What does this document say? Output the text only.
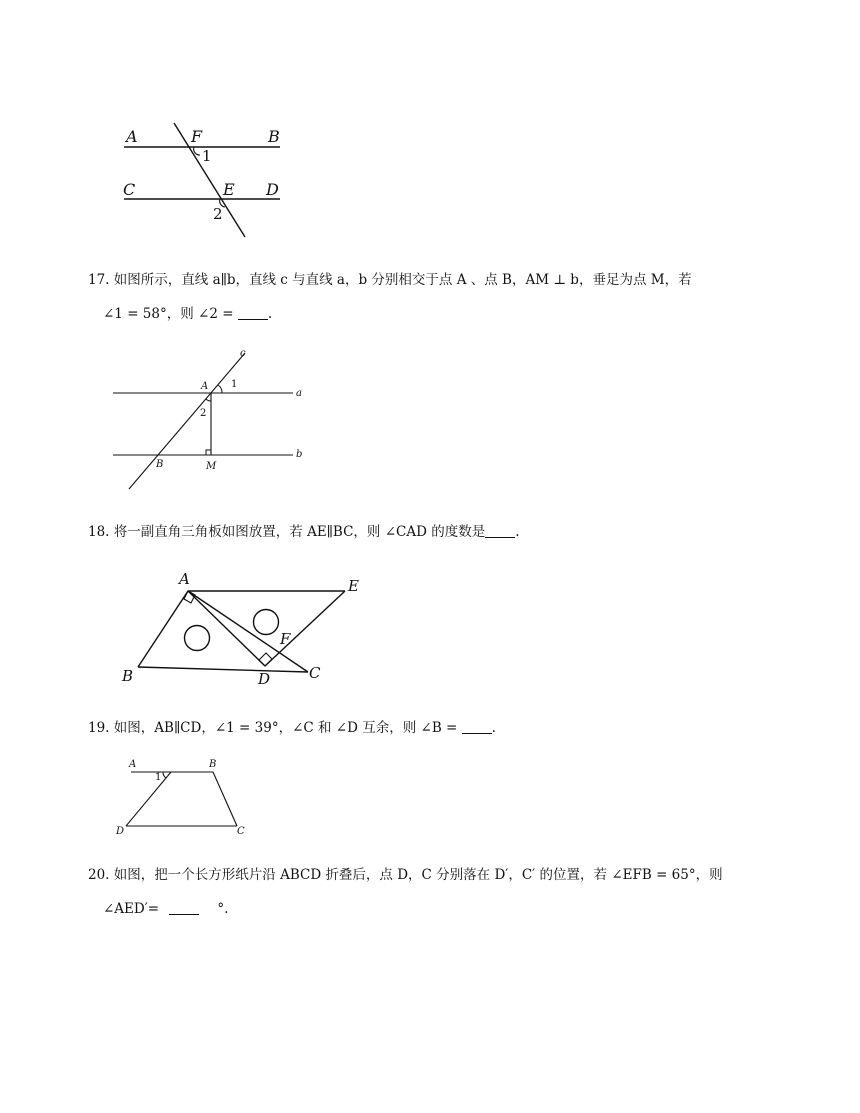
A	F	B
1
C	E D
2
17. 如图所示，直线 a∥b，直线 c 与直线 a，b 分别相交于点 A 、点 B，AM ⊥ b，垂足为点 M，若
∠1 = 58°，则 ∠2 =	.
c
A 1
a
2
B	M
b
18. 将一副直角三角板如图放置，若 AE∥BC，则 ∠CAD 的度数是 .
A	E
F
B	D	C
19. 如图，AB∥CD，∠1 = 39°，∠C 和 ∠D 互余，则 ∠B =	.
A
1
B
D	C
20. 如图，把一个长方形纸片沿 ABCD 折叠后，点 D，C 分别落在 D′，C′ 的位置，若 ∠EFB = 65°，则
∠AED′=	°.
